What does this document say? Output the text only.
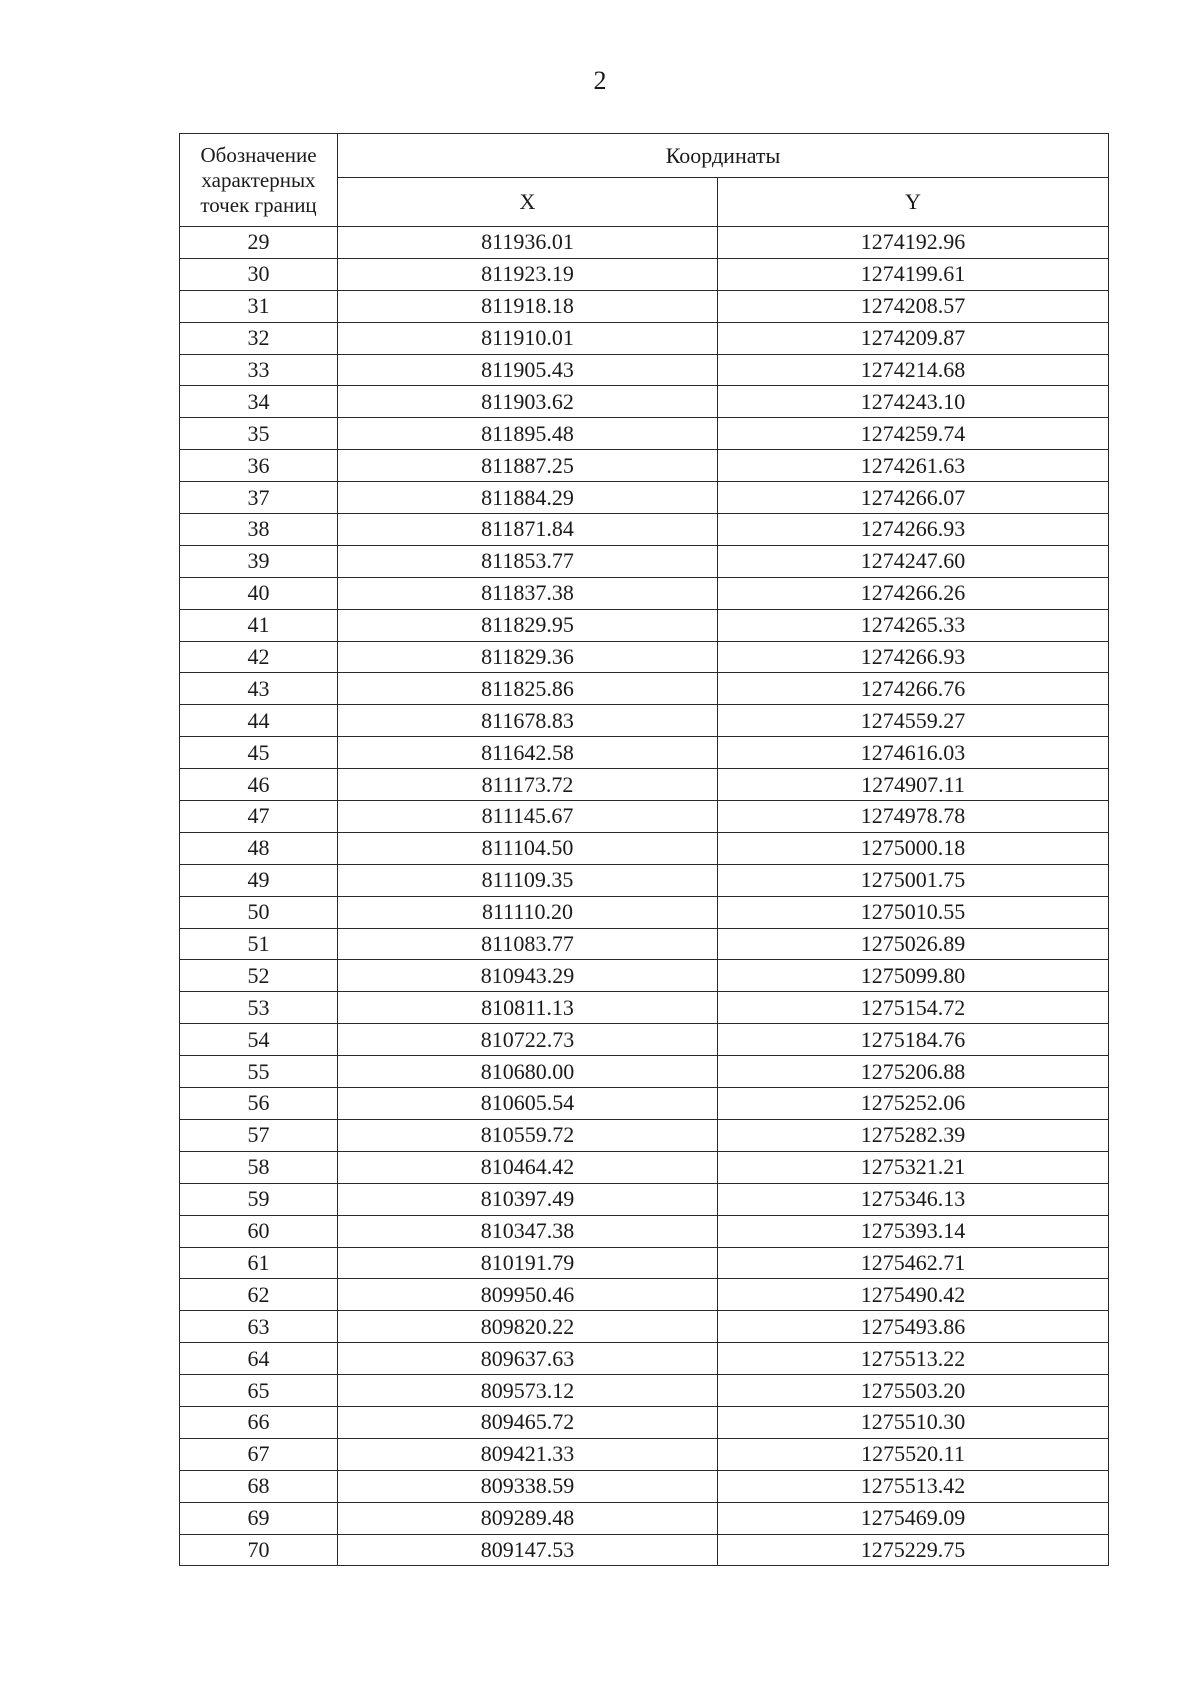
2
Обозначение характерных точек границ	Координаты	
	X	Y
29	811936.01	1274192.96
30	811923.19	1274199.61
31	811918.18	1274208.57
32	811910.01	1274209.87
33	811905.43	1274214.68
34	811903.62	1274243.10
35	811895.48	1274259.74
36	811887.25	1274261.63
37	811884.29	1274266.07
38	811871.84	1274266.93
39	811853.77	1274247.60
40	811837.38	1274266.26
41	811829.95	1274265.33
42	811829.36	1274266.93
43	811825.86	1274266.76
44	811678.83	1274559.27
45	811642.58	1274616.03
46	811173.72	1274907.11
47	811145.67	1274978.78
48	811104.50	1275000.18
49	811109.35	1275001.75
50	811110.20	1275010.55
51	811083.77	1275026.89
52	810943.29	1275099.80
53	810811.13	1275154.72
54	810722.73	1275184.76
55	810680.00	1275206.88
56	810605.54	1275252.06
57	810559.72	1275282.39
58	810464.42	1275321.21
59	810397.49	1275346.13
60	810347.38	1275393.14
61	810191.79	1275462.71
62	809950.46	1275490.42
63	809820.22	1275493.86
64	809637.63	1275513.22
65	809573.12	1275503.20
66	809465.72	1275510.30
67	809421.33	1275520.11
68	809338.59	1275513.42
69	809289.48	1275469.09
70	809147.53	1275229.75
